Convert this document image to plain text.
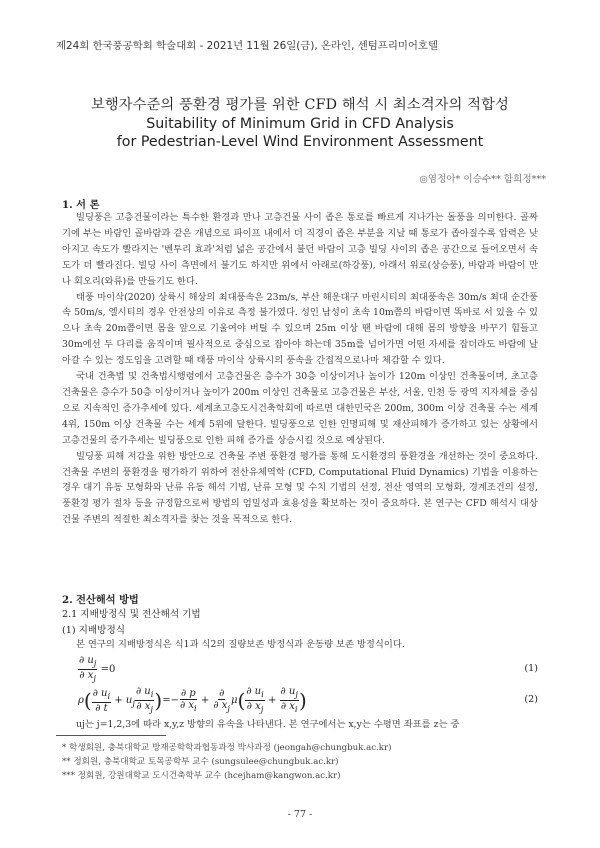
제24회 한국풍공학회 학술대회 - 2021년 11월 26일(금), 온라인, 센텀프리미어호텔
보행자수준의 풍환경 평가를 위한 CFD 해석 시 최소격자의 적합성
Suitability of Minimum Grid in CFD Analysis
for Pedestrian-Level Wind Environment Assessment
◎염정아* 이승수** 함희정***
1. 서 론

빌딩풍은 고층건물이라는 특수한 환경과 만나 고층건물 사이 좁은 통로를 빠르게 지나가는 돌풍을 의미한다. 골짜기에 부는 바람인 골바람과 같은 개념으로 파이프 내에서 더 직경이 좁은 부분을 지날 때 통로가 좁아질수록 압력은 낮아지고 속도가 빨라지는 '벤투리 효과'처럼 넓은 공간에서 불던 바람이 고층 빌딩 사이의 좁은 공간으로 들어오면서 속도가 더 빨라진다. 빌딩 사이 측면에서 불기도 하지만 위에서 아래로(하강풍), 아래서 위로(상승풍), 바람과 바람이 만나 회오리(와류)를 만들기도 한다.

태풍 마이삭(2020) 상륙시 해상의 최대풍속은 23m/s, 부산 해운대구 마린시티의 최대풍속은 30m/s 최대 순간풍속 50m/s, 엘시티의 경우 안전상의 이유로 측정 불가였다. 성인 남성이 초속 10m쯤의 바람이면 똑바로 서 있을 수 있으나 초속 20m쯤이면 몸을 앞으로 기울여야 버틸 수 있으며 25m 이상 땐 바람에 대해 몸의 방향을 바꾸기 힘들고 30m에선 두 다리를 움직이며 필사적으로 중심으로 잡아야 하는데 35m를 넘어가면 어떤 자세를 잡더라도 바람에 날아갈 수 있는 정도임을 고려할 때 태풍 마이삭 상륙시의 풍속을 간접적으로나마 체감할 수 있다.

국내 건축법 및 건축법시행령에서 고층건물은 층수가 30층 이상이거나 높이가 120m 이상인 건축물이며, 초고층건축물은 층수가 50층 이상이거나 높이가 200m 이상인 건축물로 고층건물은 부산, 서울, 인천 등 광역 지자체를 중심으로 지속적인 증가추세에 있다. 세계초고층도시건축학회에 따르면 대한민국은 200m, 300m 이상 건축물 수는 세계 4위, 150m 이상 건축물 수는 세계 5위에 달한다. 빌딩풍으로 인한 인명피해 및 재산피해가 증가하고 있는 상황에서 고층건물의 증가추세는 빌딩풍으로 인한 피해 증가를 상승시킬 것으로 예상된다.

빌딩풍 피해 저감을 위한 방안으로 건축물 주변 풍환경 평가를 통해 도시환경의 풍환경을 개선하는 것이 중요하다. 건축물 주변의 풍환경을 평가하기 위하여 전산유체역학 (CFD, Computational Fluid Dynamics) 기법을 이용하는 경우 대기 유동 모형화와 난류 유동 해석 기법, 난류 모형 및 수치 기법의 선정, 전산 영역의 모형화, 경계조건의 설정, 풍환경 평가 절차 등을 규정함으로써 방법의 엄밀성과 효용성을 확보하는 것이 중요하다. 본 연구는 CFD 해석시 대상 건물 주변의 적절한 최소격자를 찾는 것을 목적으로 한다.

2. 전산해석 방법
2.1 지배방정식 및 전산해석 기법
(1) 지배방정식
본 연구의 지배방정식은 식1과 식2의 질량보존 방정식과 운동량 보존 방정식이다.
$\frac{\partial u_j}{\partial x_j} =0$	(1)
$\rho( \frac{\partial u_i}{\partial t} + u_j \frac{\partial u_i}{\partial x_j}$ )=− $\frac{\partial p}{\partial x_i} + \frac{\partial}{\partial x_j} \mu( \frac{\partial u_i}{\partial x_j} + \frac{\partial u_j}{\partial x_i}$ )	(2)
uj는 j=1,2,3에 따라 x,y,z 방향의 유속을 나타낸다. 본 연구에서는 x,y는 수평면 좌표를 z는 중
* 학생회원, 충북대학교 방재공학학과협동과정 박사과정 (jeongah@chungbuk.ac.kr)
** 정회원, 충북대학교 토목공학부 교수 (sungsulee@chungbuk.ac.kr)
*** 정회원, 강원대학교 도시건축학부 교수 (hcejham@kangwon.ac.kr)
- 77 -
